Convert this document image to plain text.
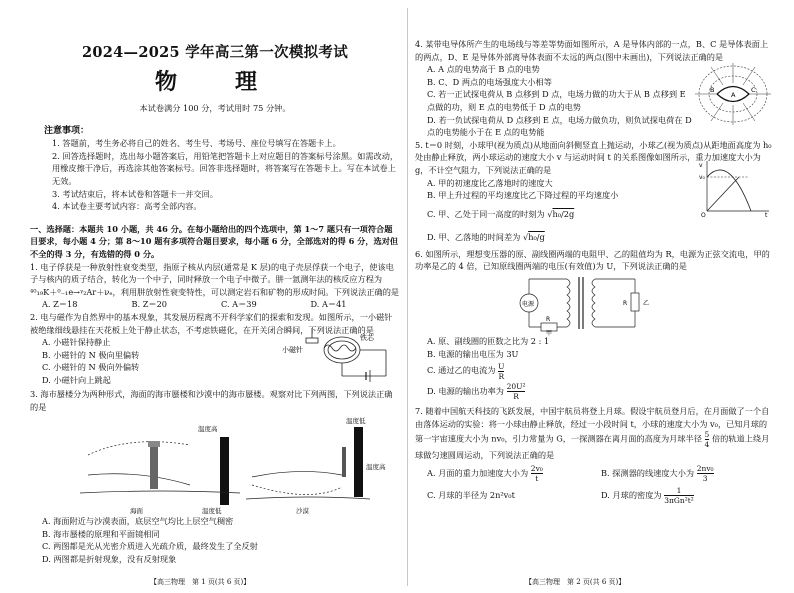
2024—2025 学年高三第一次模拟考试
物　理

本试卷满分 100 分，考试用时 75 分钟。

注意事项：

1. 答题前，考生务必将自己的姓名、考生号、考场号、座位号填写在答题卡上。

2. 回答选择题时，选出每小题答案后，用铅笔把答题卡上对应题目的答案标号涂黑。如需改动，用橡皮擦干净后，再选涂其他答案标号。回答非选择题时，将答案写在答题卡上。写在本试卷上无效。

3. 考试结束后，将本试卷和答题卡一并交回。

4. 本试卷主要考试内容：高考全部内容。

一、选择题：本题共 10 小题，共 46 分。在每小题给出的四个选项中，第 1～7 题只有一项符合题目要求，每小题 4 分；第 8～10 题有多项符合题目要求，每小题 6 分，全部选对的得 6 分，选对但不全的得 3 分，有选错的得 0 分。

1. 电子俘获是一种放射性衰变类型，指原子核从内层(通常是 K 层)的电子壳层俘获一个电子，使该电子与核内的质子结合，转化为一个中子，同时释放一个电子中微子。肼一氩测年法的核反应方程为⁴⁰₁₉K＋⁰₋₁e→ᵞ₂Ar＋νₑ，利用肼放射性衰变特性，可以测定岩石和矿物的形成时间。下列说法正确的是

A. Z＝18	B. Z＝20	C. A＝39	D. A＝41

2. 电与磁作为自然界中的基本现象，其发展历程离不开科学家们的探索和发现。如图所示，一小磁针被绝缘细线悬挂在天花板上处于静止状态，不考虑铁磁化，在开关闭合瞬间，下列说法正确的是

A. 小磁针保持静止

B. 小磁针的 N 极向里偏转

C. 小磁针的 N 极向外偏转

D. 小磁针向上跳起

小磁针
铁芯

3. 海市蜃楼分为两种形式，海面的海市蜃楼和沙漠中的海市蜃楼。观察对比下列两图，下列说法正确的是

温度高
温度低
海面
温度低
温度高
沙漠

A. 海面附近与沙漠表面，底层空气均比上层空气稠密

B. 海市蜃楼的原理和平面镜相同

C. 两图都是光从光密介质进入光疏介质，最终发生了全反射

D. 两图都是折射现象，没有反射现象

【高三物理　第 1 页(共 6 页)】

4. 某带电导体所产生的电场线与等差等势面如图所示，A 是导体内部的一点，B、C 是导体表面上的两点，D、E 是导体外部离导体表面不太远的两点(图中未画出)，下列说法正确的是

A. A 点的电势高于 B 点的电势

B. C、D 两点的电场强度大小相等

C. 若一正试探电荷从 B 点移到 D 点，电场力做的功大于从 B 点移到 E 点做的功，则 E 点的电势低于 D 点的电势

D. 若一负试探电荷从 D 点移到 E 点，电场力做负功，则负试探电荷在 D 点的电势能小于在 E 点的电势能

A
B	C

5. t＝0 时刻，小球甲(视为质点)从地面向斜侧竖直上抛运动，小球乙(视为质点)从距地面高度为 h₀ 处由静止释放，两小球运动的速度大小 v 与运动时间 t 的关系图像如图所示，重力加速度大小为 g，不计空气阻力，下列说法正确的是

A. 甲的初速度比乙落地时的速度大

B. 甲上升过程的平均速度比乙下降过程的平均速度小

C. 甲、乙处于同一高度的时刻为 √h₀/2g

D. 甲、乙落地的时间差为 √h₀/g

v
v₀
O	t

6. 如图所示，理想变压器的原、副线圈两端的电阻甲、乙的阻值均为 R，电源为正弦交流电，甲的功率是乙的 4 倍，已知原线圈两端的电压(有效值)为 U，下列说法正确的是

电源
R
甲
R	乙

A. 原、副线圈的匝数之比为 2 : 1

B. 电源的输出电压为 3U

C. 通过乙的电流为 $\frac{U}{R}$

D. 电源的输出功率为 $\frac{\text{20U²}}{R}$

7. 随着中国航天科技的飞跃发展，中国宇航员将登上月球。假设宇航员登月后，在月面做了一个自由落体运动的实验：将一小球由静止释放，经过一小段时间 t，小球的速度大小为 v₀，已知月球的第一宇宙速度大小为 nv₀，引力常量为 G，一探测器在离月面的高度为月球半径 $\frac{5}{4}$ 倍的轨道上绕月球做匀速圆周运动，下列说法正确的是

A. 月面的重力加速度大小为 $\frac{\text{2v₀}}{t}$	B. 探测器的线速度大小为 $\frac{\text{2nv₀}}{3}$
C. 月球的半径为 2n²v₀t	D. 月球的密度为	1
3πGn²t²
【高三物理　第 2 页(共 6 页)】
